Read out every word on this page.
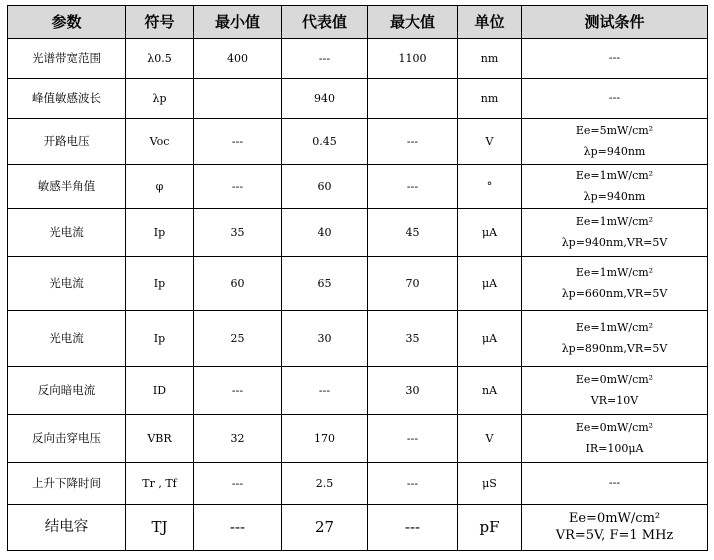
参数	符号	最小值	代表值	最大值	单位	测试条件
光谱带宽范围	λ0.5	400	---	1100	nm	---

峰值敏感波长	λp		940		nm	---

开路电压	Voc	---	0.45	---	V	Ee=5mW/cm²
λp=940nm

敏感半角值	φ	---	60	---	°	Ee=1mW/cm²
λp=940nm

光电流	Ip	35	40	45	μA	Ee=1mW/cm²
λp=940nm,VR=5V

光电流	Ip	60	65	70	μA	Ee=1mW/cm²
λp=660nm,VR=5V

光电流	Ip	25	30	35	μA	Ee=1mW/cm²
λp=890nm,VR=5V

反向暗电流	ID	---	---	30	nA	Ee=0mW/cm²
VR=10V

反向击穿电压	VBR	32	170	---	V	Ee=0mW/cm²
IR=100μA

上升下降时间	Tr , Tf	---	2.5	---	μS	---

结电容	TJ	---	27	---	pF	Ee=0mW/cm²
VR=5V, F=1 MHz
